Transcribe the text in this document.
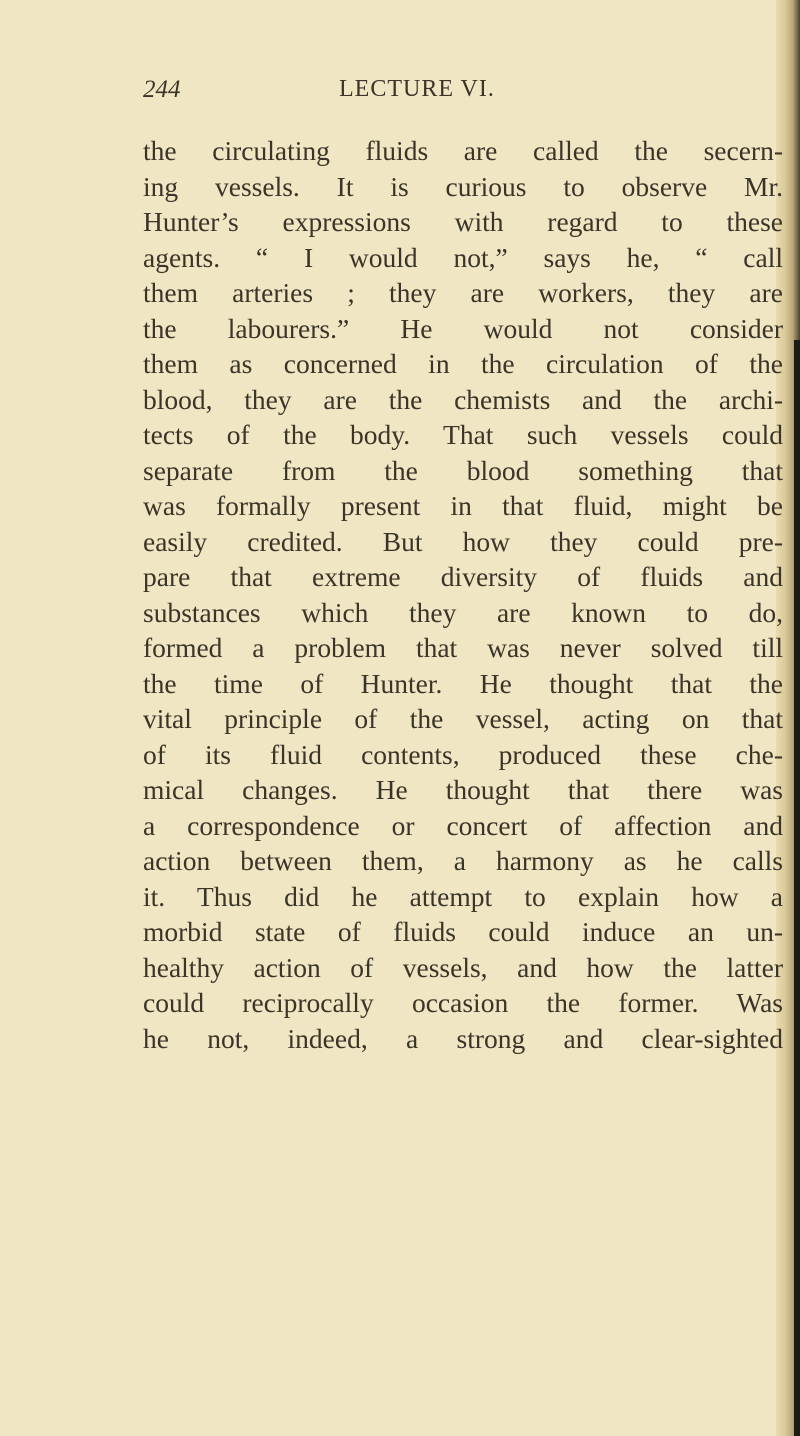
244	LECTURE VI.
the circulating fluids are called the secern-
ing vessels. It is curious to observe Mr.
Hunter’s expressions with regard to these
agents. “ I would not,” says he, “ call
them arteries ; they are workers, they are
the labourers.” He would not consider
them as concerned in the circulation of the
blood, they are the chemists and the archi-
tects of the body. That such vessels could
separate from the blood something that
was formally present in that fluid, might be
easily credited. But how they could pre-
pare that extreme diversity of fluids and
substances which they are known to do,
formed a problem that was never solved till
the time of Hunter. He thought that the
vital principle of the vessel, acting on that
of its fluid contents, produced these che-
mical changes. He thought that there was
a correspondence or concert of affection and
action between them, a harmony as he calls
it. Thus did he attempt to explain how a
morbid state of fluids could induce an un-
healthy action of vessels, and how the latter
could reciprocally occasion the former. Was
he not, indeed, a strong and clear-sighted
